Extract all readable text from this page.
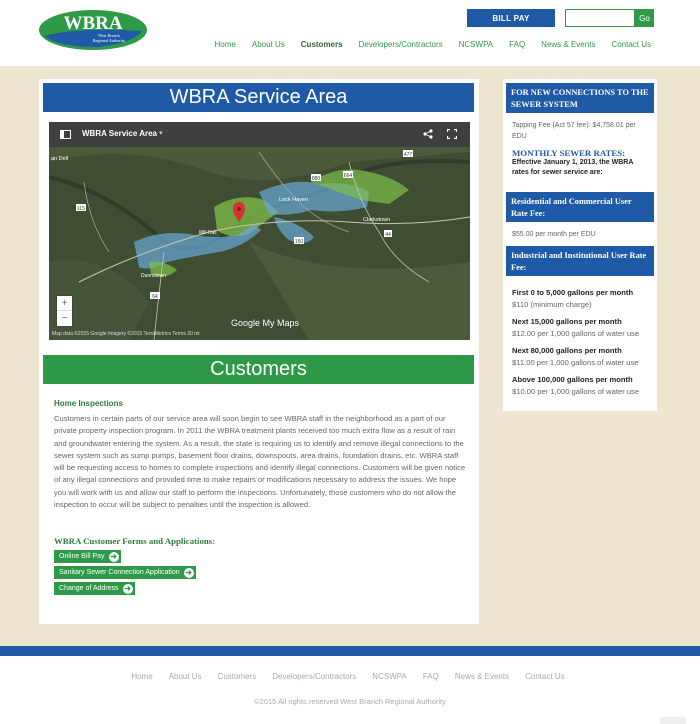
WBRA
West Branch
Regional Authority
BILL PAY	Go
Home About Us Customers Developers/Contractors NCSWPA FAQ News & Events Contact Us
WBRA Service Area
477
664
115
880
150
64
44
an Dell
Lock Haven
Mill Hall
Clarkstown
Dunnstown
WBRA Service Area ▾
+
−	Google My Maps
Map data ©2015 Google Imagery ©2015 TerraMetrics Terms 20 mi
Customers
Home Inspections
Customers in certain parts of our service area will soon begin to see WBRA staff in the neighborhood as a part of our private property inspection program. In 2011 the WBRA treatment plants received too much extra flow as a result of rain and groundwater entering the system. As a result, the state is requiring us to identify and remove illegal connections to the sewer system such as sump pumps, basement floor drains, downspouts, area drains, foundation drains, etc. WBRA staff will be requesting access to homes to complete inspections and identify illegal connections. Customers will be given notice of any illegal connections and provided time to make repairs or modifications necessary to address the issues. We hope you will work with us and allow our staff to perform the inspections. Unfortunately, those customers who do not allow the inspection to occur will be subject to penalties until the inspection is allowed.
WBRA Customer Forms and Applications:
Online Bill Pay ➜
Sanitary Sewer Connection Application ➜
Change of Address ➜
FOR NEW CONNECTIONS TO THE SEWER SYSTEM
Tapping Fee (Act 57 fee): $4,758.01 per EDU
MONTHLY SEWER RATES:
Effective January 1, 2013, the WBRA rates for sewer service are:
Residential and Commercial User Rate Fee:
$55.00 per month per EDU
Industrial and Institutional User Rate Fee:
First 0 to 5,000 gallons per month
$110 (minimum charge)
Next 15,000 gallons per month
$12.00 per 1,000 gallons of water use
Next 80,000 gallons per month
$11.00 per 1,000 gallons of water use
Above 100,000 gallons per month
$10.00 per 1,000 gallons of water use
Home About Us Customers Developers/Contractors NCSWPA FAQ News & Events Contact Us
©2015 All rights reserved West Branch Regional Authority
